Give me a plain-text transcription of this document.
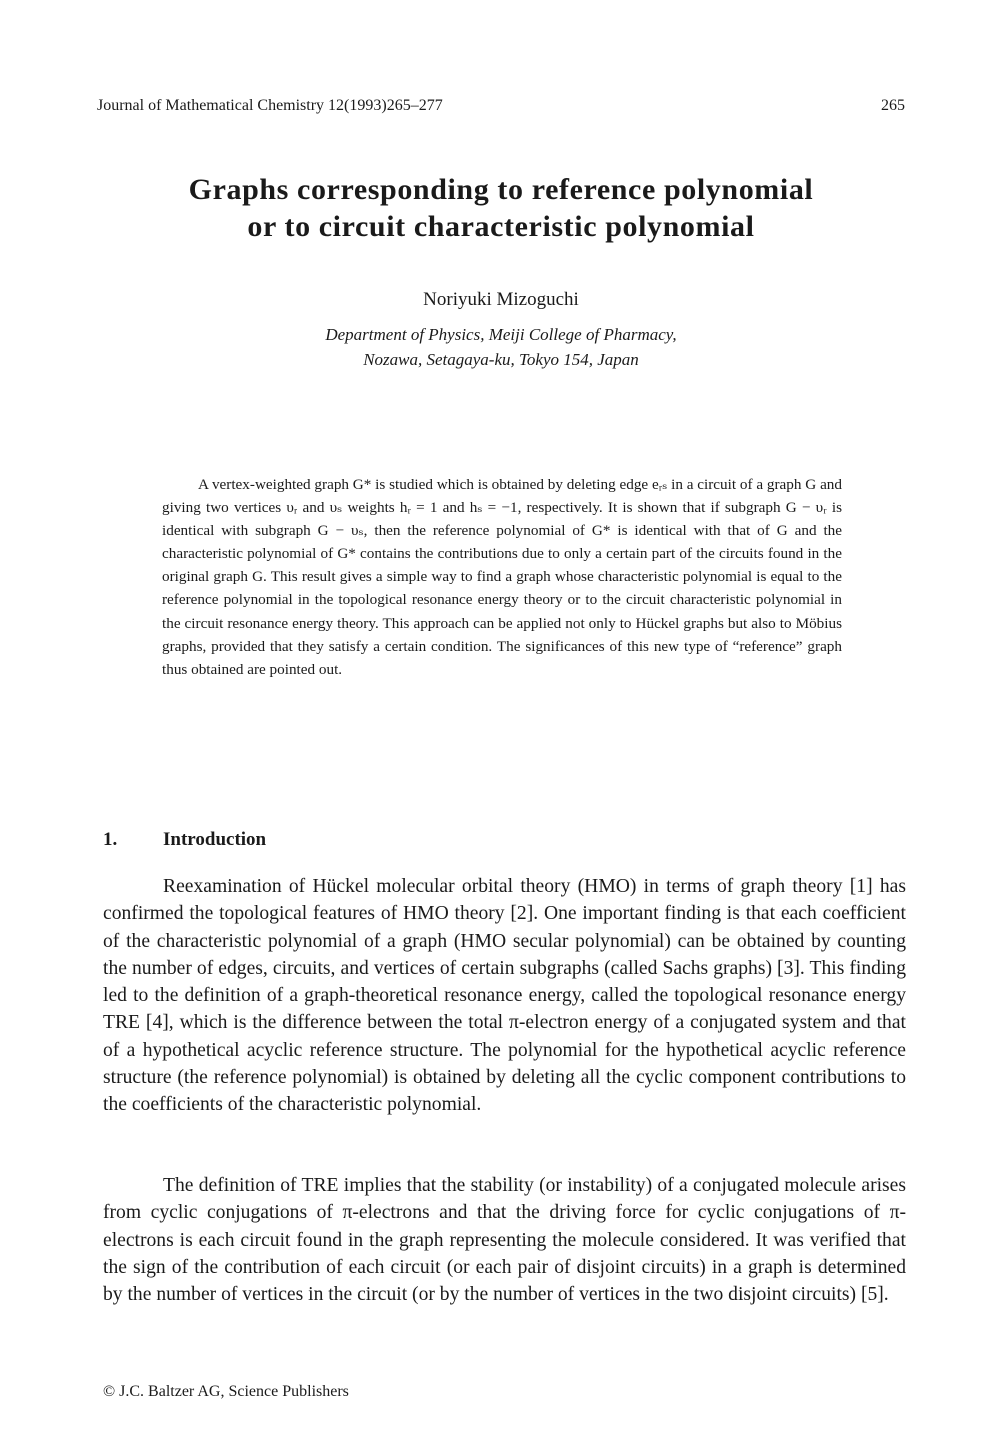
Journal of Mathematical Chemistry 12(1993)265–277	265
Graphs corresponding to reference polynomial
or to circuit characteristic polynomial
Noriyuki Mizoguchi
Department of Physics, Meiji College of Pharmacy,
Nozawa, Setagaya-ku, Tokyo 154, Japan

A vertex-weighted graph G* is studied which is obtained by deleting edge eᵣₛ in a circuit of a graph G and giving two vertices υᵣ and υₛ weights hᵣ = 1 and hₛ = −1, respectively. It is shown that if subgraph G − υᵣ is identical with subgraph G − υₛ, then the reference polynomial of G* is identical with that of G and the characteristic polynomial of G* contains the contributions due to only a certain part of the circuits found in the original graph G. This result gives a simple way to find a graph whose characteristic polynomial is equal to the reference polynomial in the topological resonance energy theory or to the circuit characteristic polynomial in the circuit resonance energy theory. This approach can be applied not only to Hückel graphs but also to Möbius graphs, provided that they satisfy a certain condition. The significances of this new type of “reference” graph thus obtained are pointed out.

1. Introduction

Reexamination of Hückel molecular orbital theory (HMO) in terms of graph theory [1] has confirmed the topological features of HMO theory [2]. One important finding is that each coefficient of the characteristic polynomial of a graph (HMO secular polynomial) can be obtained by counting the number of edges, circuits, and vertices of certain subgraphs (called Sachs graphs) [3]. This finding led to the definition of a graph-theoretical resonance energy, called the topological resonance energy TRE [4], which is the difference between the total π-electron energy of a conjugated system and that of a hypothetical acyclic reference structure. The polynomial for the hypothetical acyclic reference structure (the reference polynomial) is obtained by deleting all the cyclic component contributions to the coefficients of the characteristic polynomial.

The definition of TRE implies that the stability (or instability) of a conjugated molecule arises from cyclic conjugations of π-electrons and that the driving force for cyclic conjugations of π-electrons is each circuit found in the graph representing the molecule considered. It was verified that the sign of the contribution of each circuit (or each pair of disjoint circuits) in a graph is determined by the number of vertices in the circuit (or by the number of vertices in the two disjoint circuits) [5].

© J.C. Baltzer AG, Science Publishers
